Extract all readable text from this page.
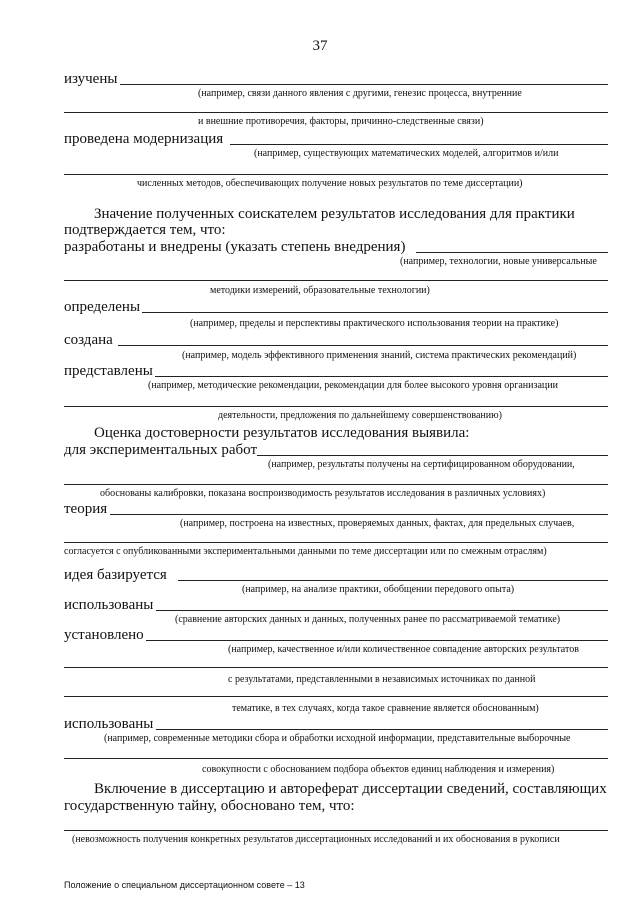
37
изучены
(например, связи данного явления с другими, генезис процесса, внутренние
и внешние противоречия, факторы, причинно-следственные связи)
проведена модернизация
(например, существующих математических моделей, алгоритмов и/или
численных методов, обеспечивающих получение новых результатов по теме диссертации)
Значение полученных соискателем результатов исследования для практики
подтверждается тем, что:
разработаны и внедрены (указать степень внедрения)
(например, технологии, новые универсальные
методики измерений, образовательные технологии)
определены
(например, пределы и перспективы практического использования теории на практике)
создана
(например, модель эффективного применения знаний, система практических рекомендаций)
представлены
(например, методические рекомендации, рекомендации для более высокого уровня организации
деятельности, предложения по дальнейшему совершенствованию)
Оценка достоверности результатов исследования выявила:
для экспериментальных работ
(например, результаты получены на сертифицированном оборудовании,
обоснованы калибровки, показана воспроизводимость результатов исследования в различных условиях)
теория
(например, построена на известных, проверяемых данных, фактах, для предельных случаев,
согласуется с опубликованными экспериментальными данными по теме диссертации или по смежным отраслям)
идея базируется
(например, на анализе практики, обобщении передового опыта)
использованы
(сравнение авторских данных и данных, полученных ранее по рассматриваемой тематике)
установлено
(например, качественное и/или количественное совпадение авторских результатов
с результатами, представленными в независимых источниках по данной
тематике, в тех случаях, когда такое сравнение является обоснованным)
использованы
(например, современные методики сбора и обработки исходной информации, представительные выборочные
совокупности с обоснованием подбора объектов единиц наблюдения и измерения)
Включение в диссертацию и автореферат диссертации сведений, составляющих
государственную тайну, обосновано тем, что:
(невозможность получения конкретных результатов диссертационных исследований и их обоснования в рукописи
Положение о специальном диссертационном совете – 13
